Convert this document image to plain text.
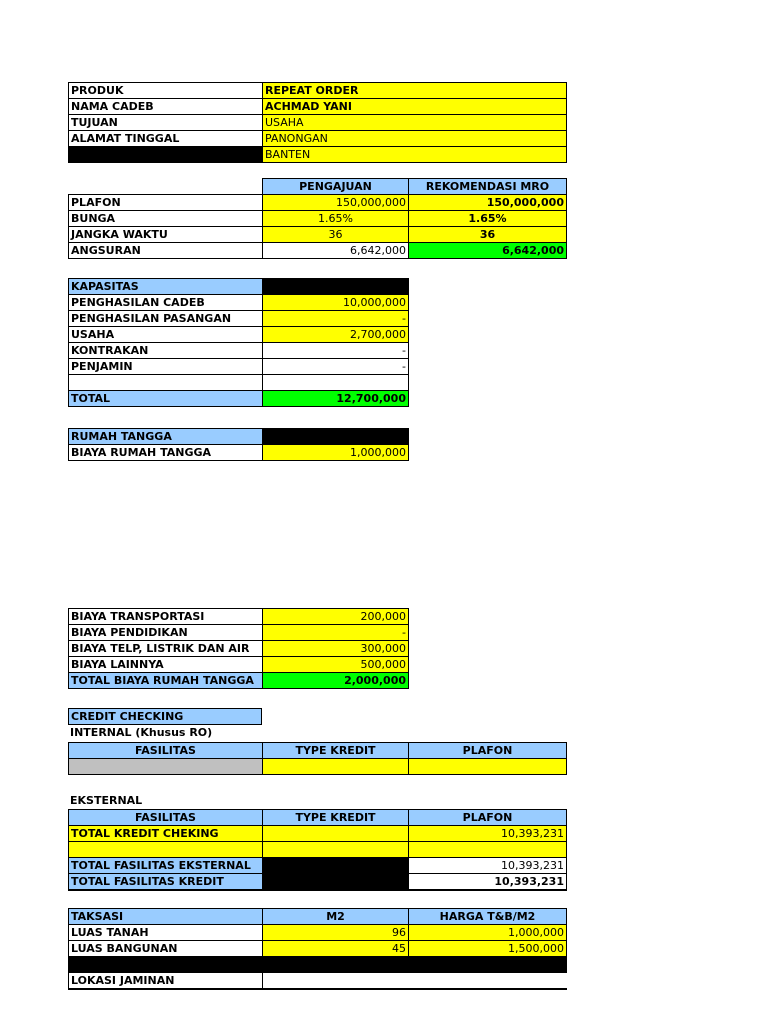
PRODUK	REPEAT ORDER
NAMA CADEB	ACHMAD YANI
TUJUAN	USAHA
ALAMAT TINGGAL	PANONGAN
	BANTEN
	PENGAJUAN	REKOMENDASI MRO
PLAFON	150,000,000	150,000,000
BUNGA	1.65%	1.65%
JANGKA WAKTU	36	36
ANGSURAN	6,642,000	6,642,000
KAPASITAS	
PENGHASILAN CADEB	10,000,000
PENGHASILAN PASANGAN	-
USAHA	2,700,000
KONTRAKAN	-
PENJAMIN	-

TOTAL	12,700,000
RUMAH TANGGA	
BIAYA RUMAH TANGGA	1,000,000
BIAYA TRANSPORTASI	200,000
BIAYA PENDIDIKAN	-
BIAYA TELP, LISTRIK DAN AIR	300,000
BIAYA LAINNYA	500,000
TOTAL BIAYA RUMAH TANGGA	2,000,000
CREDIT CHECKING
INTERNAL (Khusus RO)
FASILITAS	TYPE KREDIT	PLAFON

EKSTERNAL
FASILITAS	TYPE KREDIT	PLAFON
TOTAL KREDIT CHEKING		10,393,231

TOTAL FASILITAS EKSTERNAL		10,393,231
TOTAL FASILITAS KREDIT		10,393,231
TAKSASI	M2	HARGA T&B/M2
LUAS TANAH	96	1,000,000
LUAS BANGUNAN	45	1,500,000

LOKASI JAMINAN		
